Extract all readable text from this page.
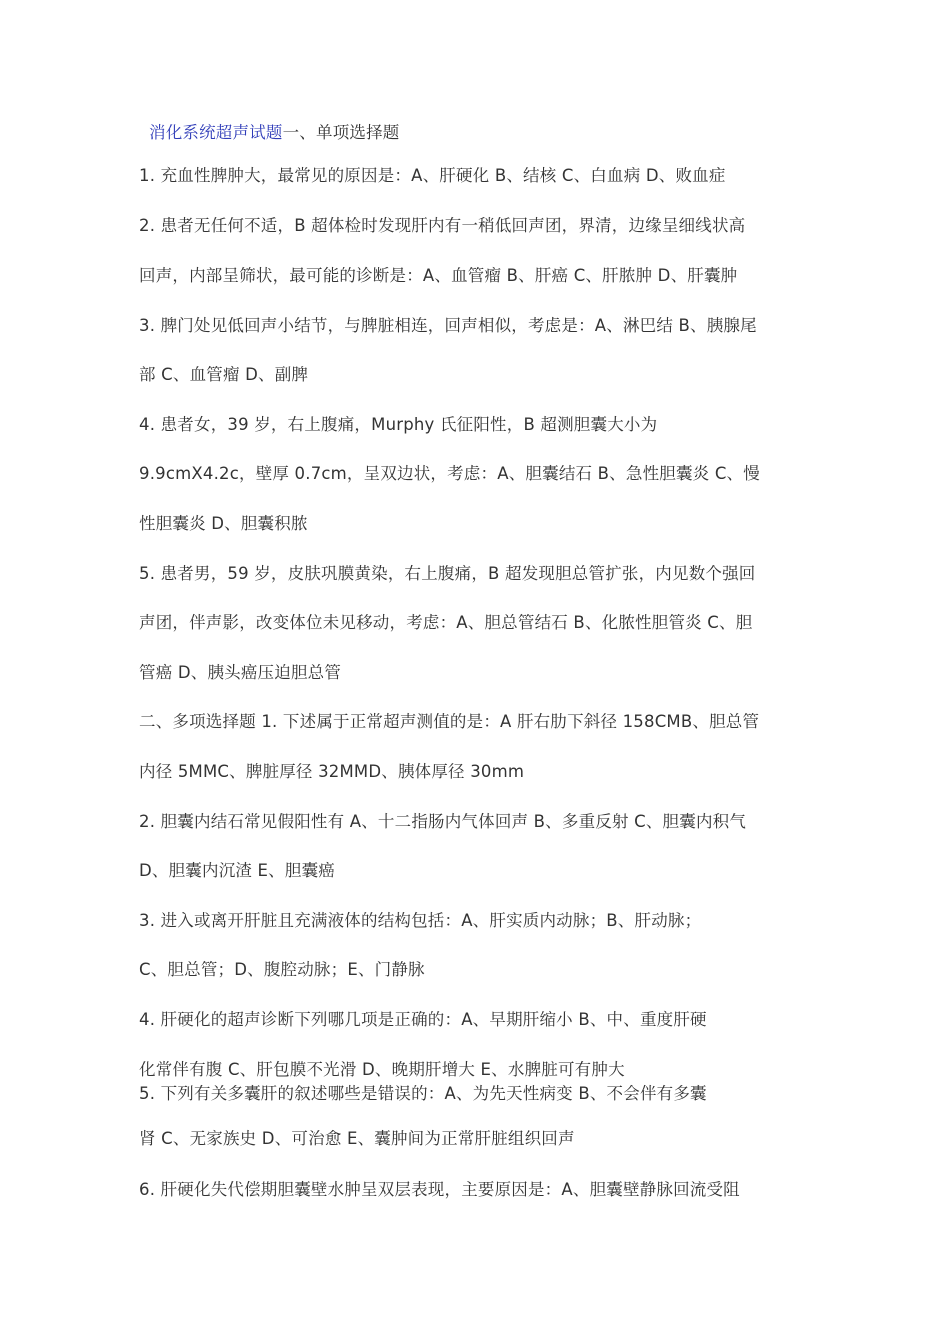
消化系统超声试题一、单项选择题
1. 充血性脾肿大，最常见的原因是：A、肝硬化 B、结核 C、白血病 D、败血症
2. 患者无任何不适，B 超体检时发现肝内有一稍低回声团，界清，边缘呈细线状高
回声，内部呈筛状，最可能的诊断是：A、血管瘤 B、肝癌 C、肝脓肿 D、肝囊肿
3. 脾门处见低回声小结节，与脾脏相连，回声相似，考虑是：A、淋巴结 B、胰腺尾
部 C、血管瘤 D、副脾
4. 患者女，39 岁，右上腹痛，Murphy 氏征阳性，B 超测胆囊大小为
9.9cmX4.2c，壁厚 0.7cm，呈双边状，考虑：A、胆囊结石 B、急性胆囊炎 C、慢
性胆囊炎 D、胆囊积脓
5. 患者男，59 岁，皮肤巩膜黄染，右上腹痛，B 超发现胆总管扩张，内见数个强回
声团，伴声影，改变体位未见移动，考虑：A、胆总管结石 B、化脓性胆管炎 C、胆
管癌 D、胰头癌压迫胆总管
二、多项选择题 1. 下述属于正常超声测值的是：A 肝右肋下斜径 158CMB、胆总管
内径 5MMC、脾脏厚径 32MMD、胰体厚径 30mm
2. 胆囊内结石常见假阳性有 A、十二指肠内气体回声 B、多重反射 C、胆囊内积气
D、胆囊内沉渣 E、胆囊癌
3. 进入或离开肝脏且充满液体的结构包括：A、肝实质内动脉；B、肝动脉；
C、胆总管；D、腹腔动脉；E、门静脉
4. 肝硬化的超声诊断下列哪几项是正确的：A、早期肝缩小 B、中、重度肝硬
化常伴有腹 C、肝包膜不光滑 D、晚期肝增大 E、水脾脏可有肿大
5. 下列有关多囊肝的叙述哪些是错误的：A、为先天性病变 B、不会伴有多囊
肾 C、无家族史 D、可治愈 E、囊肿间为正常肝脏组织回声
6. 肝硬化失代偿期胆囊壁水肿呈双层表现，主要原因是：A、胆囊壁静脉回流受阻
